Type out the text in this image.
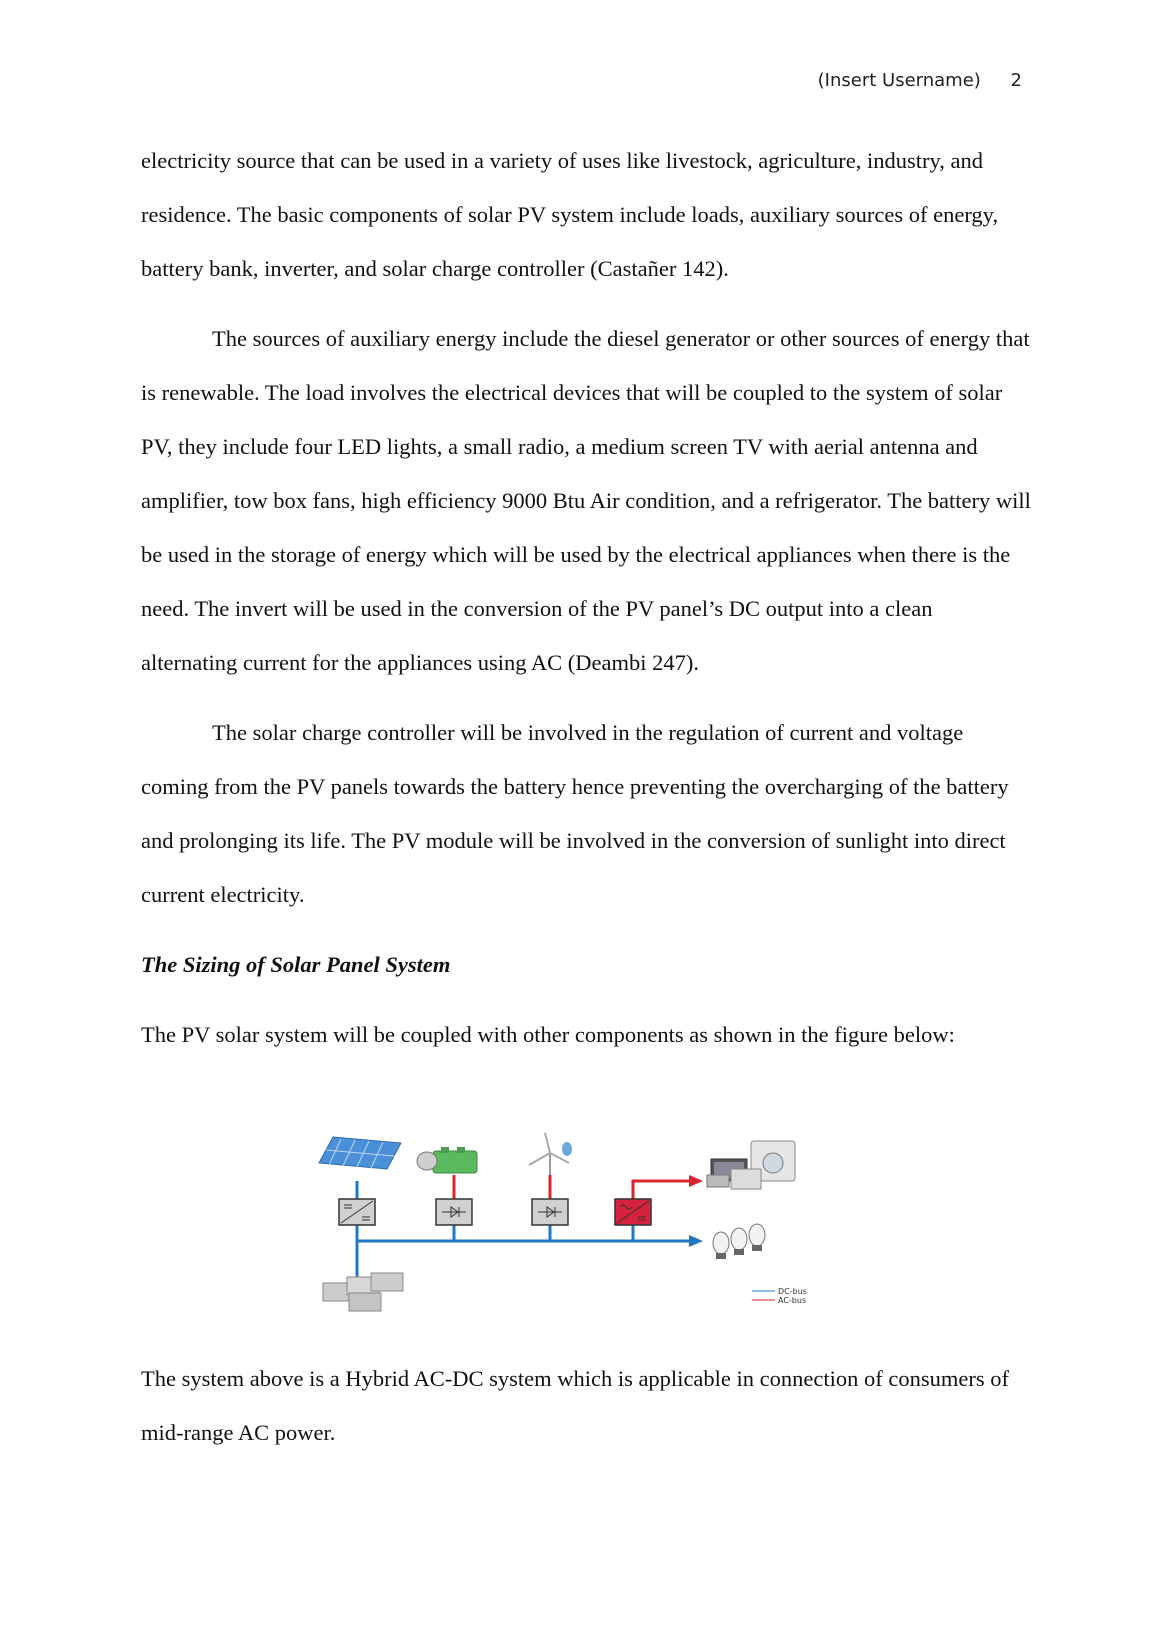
(Insert Username) 2

electricity source that can be used in a variety of uses like livestock, agriculture, industry, and residence. The basic components of solar PV system include loads, auxiliary sources of energy, battery bank, inverter, and solar charge controller (Castañer 142).

The sources of auxiliary energy include the diesel generator or other sources of energy that is renewable. The load involves the electrical devices that will be coupled to the system of solar PV, they include four LED lights, a small radio, a medium screen TV with aerial antenna and amplifier, tow box fans, high efficiency 9000 Btu Air condition, and a refrigerator. The battery will be used in the storage of energy which will be used by the electrical appliances when there is the need. The invert will be used in the conversion of the PV panel’s DC output into a clean alternating current for the appliances using AC (Deambi 247).

The solar charge controller will be involved in the regulation of current and voltage coming from the PV panels towards the battery hence preventing the overcharging of the battery and prolonging its life. The PV module will be involved in the conversion of sunlight into direct current electricity.

The Sizing of Solar Panel System

The PV solar system will be coupled with other components as shown in the figure below:

DC-bus
AC-bus

The system above is a Hybrid AC-DC system which is applicable in connection of consumers of mid-range AC power.
